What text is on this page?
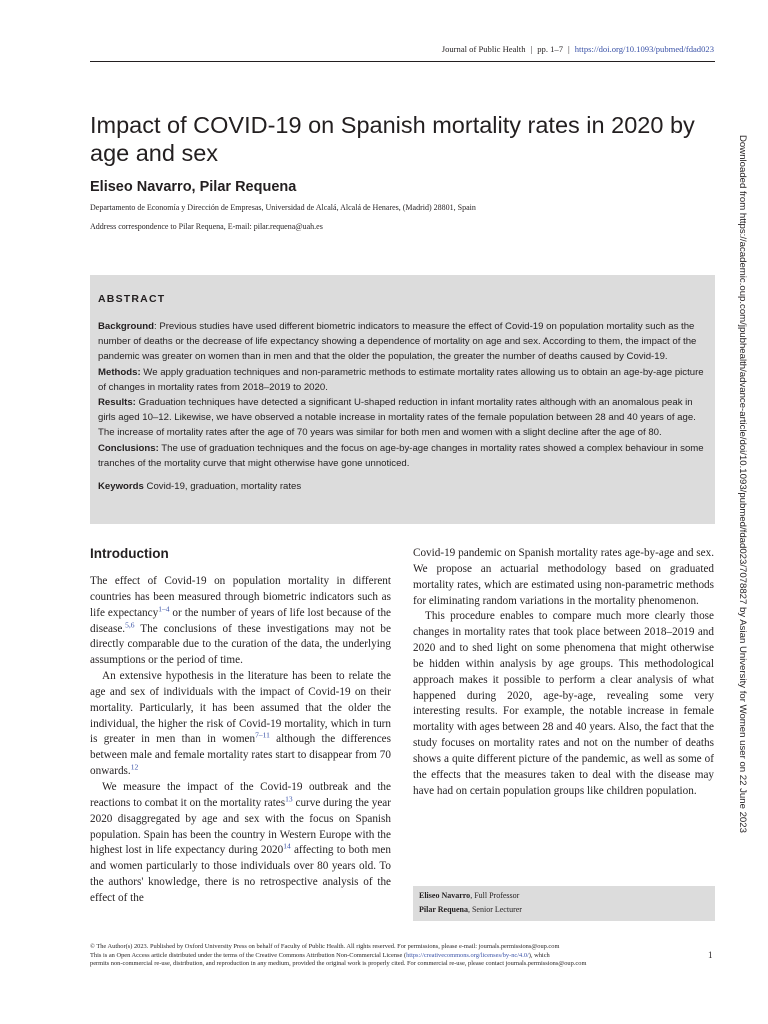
Journal of Public Health | pp. 1–7 | https://doi.org/10.1093/pubmed/fdad023
Impact of COVID-19 on Spanish mortality rates in 2020 by age and sex
Eliseo Navarro, Pilar Requena
Departamento de Economía y Dirección de Empresas, Universidad de Alcalá, Alcalá de Henares, (Madrid) 28801, Spain
Address correspondence to Pilar Requena, E-mail: pilar.requena@uah.es
ABSTRACT

Background: Previous studies have used different biometric indicators to measure the effect of Covid-19 on population mortality such as the number of deaths or the decrease of life expectancy showing a dependence of mortality on age and sex. According to them, the impact of the pandemic was greater on women than in men and that the older the population, the greater the number of deaths caused by Covid-19.

Methods: We apply graduation techniques and non-parametric methods to estimate mortality rates allowing us to obtain an age-by-age picture of changes in mortality rates from 2018–2019 to 2020.

Results: Graduation techniques have detected a significant U-shaped reduction in infant mortality rates although with an anomalous peak in girls aged 10–12. Likewise, we have observed a notable increase in mortality rates of the female population between 28 and 40 years of age. The increase of mortality rates after the age of 70 years was similar for both men and women with a slight decline after the age of 80.

Conclusions: The use of graduation techniques and the focus on age-by-age changes in mortality rates showed a complex behaviour in some tranches of the mortality curve that might otherwise have gone unnoticed.

Keywords Covid-19, graduation, mortality rates

Introduction

The effect of Covid-19 on population mortality in different countries has been measured through biometric indicators such as life expectancy$^{1-4}$ or the number of years of life lost because of the disease.$^{5,6}$ The conclusions of these investigations may not be directly comparable due to the curation of the data, the underlying assumptions or the period of time.

An extensive hypothesis in the literature has been to relate the age and sex of individuals with the impact of Covid-19 on their mortality. Particularly, it has been assumed that the older the individual, the higher the risk of Covid-19 mortality, which in turn is greater in men than in women$^{7-11}$ although the differences between male and female mortality rates start to disappear from 70 onwards.$^{12}$

We measure the impact of the Covid-19 outbreak and the reactions to combat it on the mortality rates$^{13}$ curve during the year 2020 disaggregated by age and sex with the focus on Spanish population. Spain has been the country in Western Europe with the highest lost in life expectancy during 2020$^{14}$ affecting to both men and women particularly to those individuals over 80 years old. To the authors' knowledge, there is no retrospective analysis of the effect of the

Covid-19 pandemic on Spanish mortality rates age-by-age and sex. We propose an actuarial methodology based on graduated mortality rates, which are estimated using non-parametric methods for eliminating random variations in the mortality phenomenon.

This procedure enables to compare much more clearly those changes in mortality rates that took place between 2018–2019 and 2020 and to shed light on some phenomena that might otherwise be hidden within analysis by age groups. This methodological approach makes it possible to perform a clear analysis of what happened during 2020, age-by-age, revealing some very interesting results. For example, the notable increase in female mortality with ages between 28 and 40 years. Also, the fact that the study focuses on mortality rates and not on the number of deaths shows a quite different picture of the pandemic, as well as some of the effects that the measures taken to deal with the disease may have had on certain population groups like children population.

Eliseo Navarro, Full Professor
Pilar Requena, Senior Lecturer
© The Author(s) 2023. Published by Oxford University Press on behalf of Faculty of Public Health. All rights reserved. For permissions, please e-mail: journals.permissions@oup.com
This is an Open Access article distributed under the terms of the Creative Commons Attribution Non-Commercial License (https://creativecommons.org/licenses/by-nc/4.0/), which
permits non-commercial re-use, distribution, and reproduction in any medium, provided the original work is properly cited. For commercial re-use, please contact journals.permissions@oup.com
1
Downloaded from https://academic.oup.com/jpubhealth/advance-article/doi/10.1093/pubmed/fdad023/7078827 by Asian University for Women user on 22 June 2023
